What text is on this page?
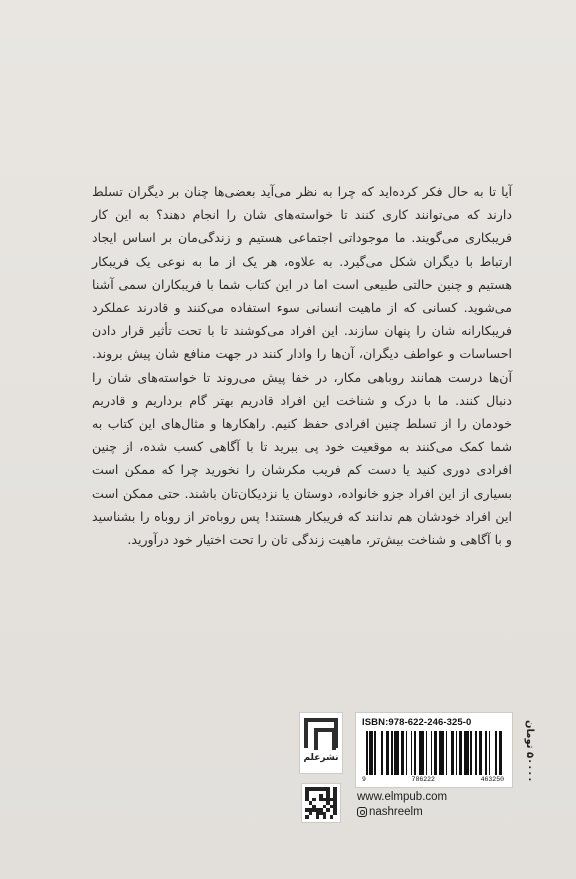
آیا تا به حال فکر کرده‌اید که چرا به نظر می‌آید بعضی‌ها چنان بر دیگران تسلط دارند که می‌توانند کاری کنند تا خواسته‌های شان را انجام دهند؟ به این کار فریبکاری می‌گویند. ما موجوداتی اجتماعی هستیم و زندگی‌مان بر اساس ایجاد ارتباط با دیگران شکل می‌گیرد. به علاوه، هر یک از ما به نوعی یک فریبکار هستیم و چنین حالتی طبیعی است اما در این کتاب شما با فریبکاران سمی آشنا می‌شوید. کسانی که از ماهیت انسانی سوء استفاده می‌کنند و قادرند عملکرد فریبکارانه شان را پنهان سازند. این افراد می‌کوشند تا با تحت تأثیر قرار دادن احساسات و عواطف دیگران، آن‌ها را وادار کنند در جهت منافع شان پیش بروند. آن‌ها درست همانند روباهی مکار، در خفا پیش می‌روند تا خواسته‌های شان را دنبال کنند. ما با درک و شناخت این افراد قادریم بهتر گام برداریم و قادریم خودمان را از تسلط چنین افرادی حفظ کنیم. راهکارها و مثال‌های این کتاب به شما کمک می‌کنند به موقعیت خود پی ببرید تا با آگاهی کسب شده، از چنین افرادی دوری کنید یا دست کم فریب مکرشان را نخورید چرا که ممکن است بسیاری از این افراد جزو خانواده، دوستان یا نزدیکان‌تان باشند. حتی ممکن است این افراد خودشان هم ندانند که فریبکار هستند! پس روباه‌تر از روباه را بشناسید و با آگاهی و شناخت بیش‌تر، ماهیت زندگی تان را تحت اختیار خود درآورید.

نشرعلم
ISBN:978-622-246-325-0
9	786222	463250
۵۰۰۰۰ تومان
www.elmpub.com
nashreelm
